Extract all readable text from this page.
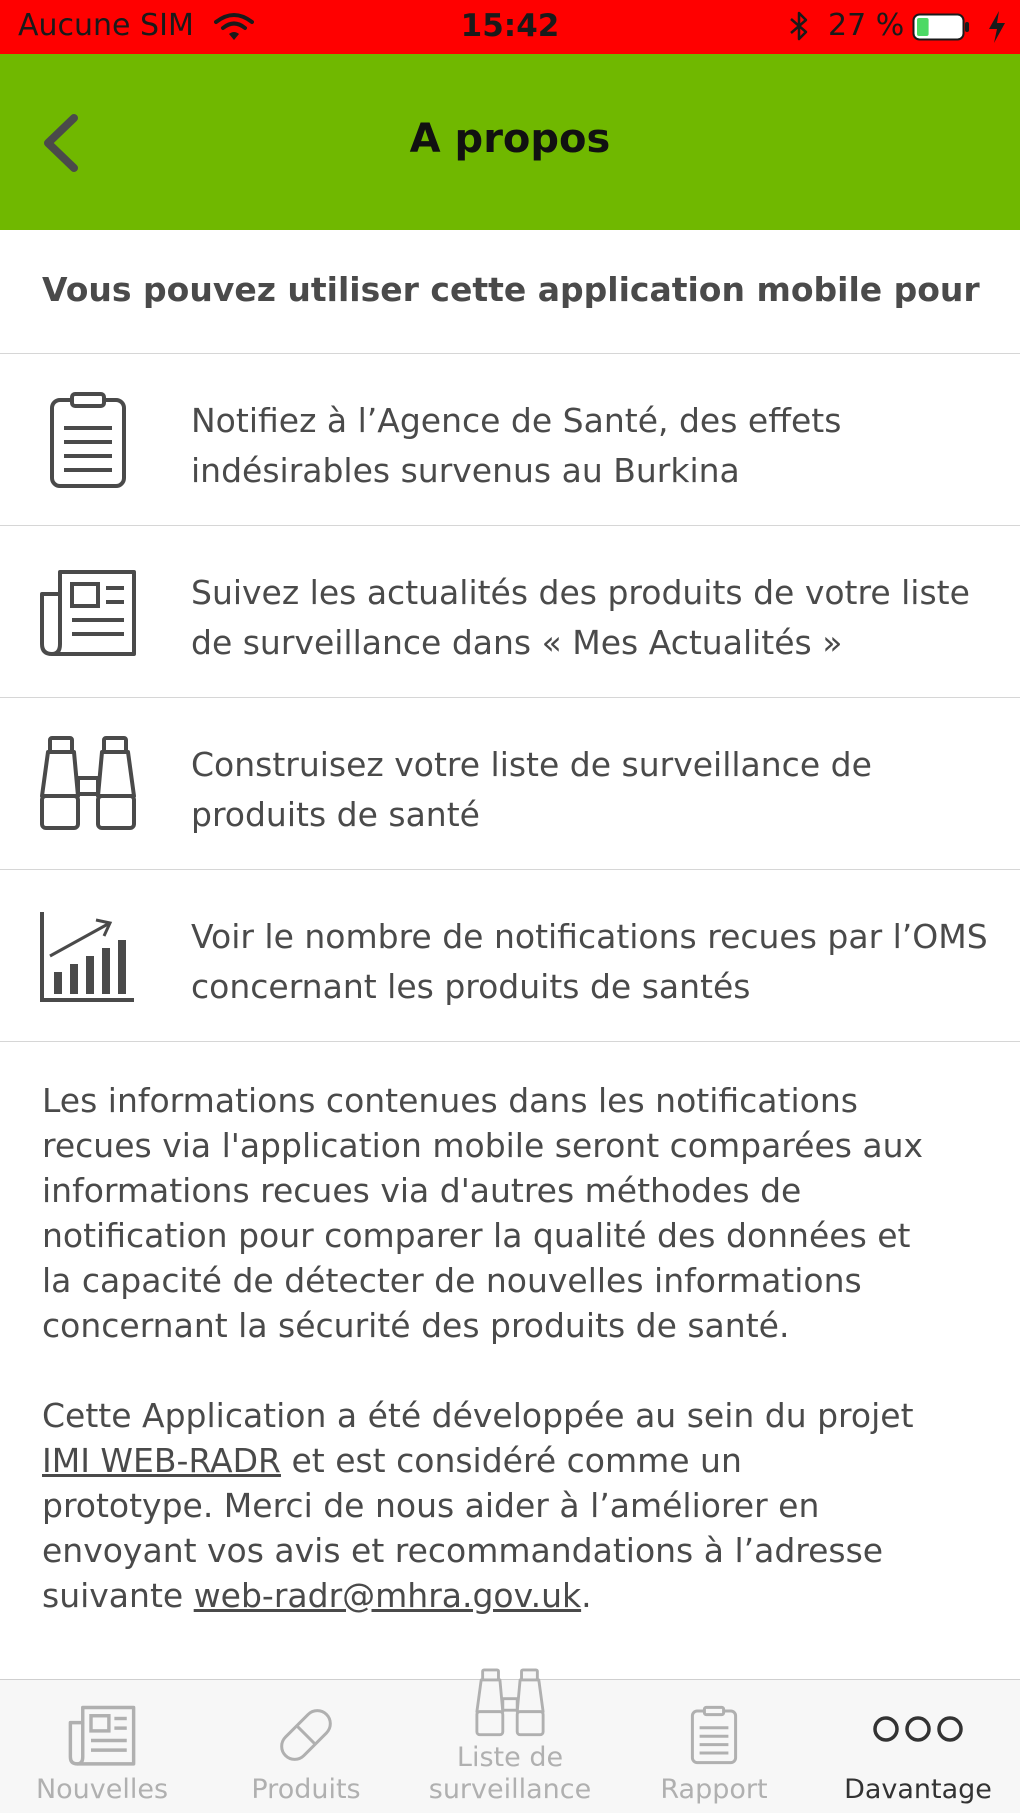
Aucune SIM	15:42	27 %
A propos
Vous pouvez utiliser cette application mobile pour
Notifiez à l’Agence de Santé, des effets
indésirables survenus au Burkina
Suivez les actualités des produits de votre liste
de surveillance dans « Mes Actualités »
Construisez votre liste de surveillance de
produits de santé
Voir le nombre de notifications recues par l’OMS
concernant les produits de santés

Les informations contenues dans les notifications
recues via l'application mobile seront comparées aux
informations recues via d'autres méthodes de
notification pour comparer la qualité des données et
la capacité de détecter de nouvelles informations
concernant la sécurité des produits de santé.

Cette Application a été développée au sein du projet
IMI WEB-RADR et est considéré comme un
prototype. Merci de nous aider à l’améliorer en
envoyant vos avis et recommandations à l’adresse
suivante web-radr@mhra.gov.uk.

Nouvelles	Produits
Liste de
surveillance	Rapport	Davantage
